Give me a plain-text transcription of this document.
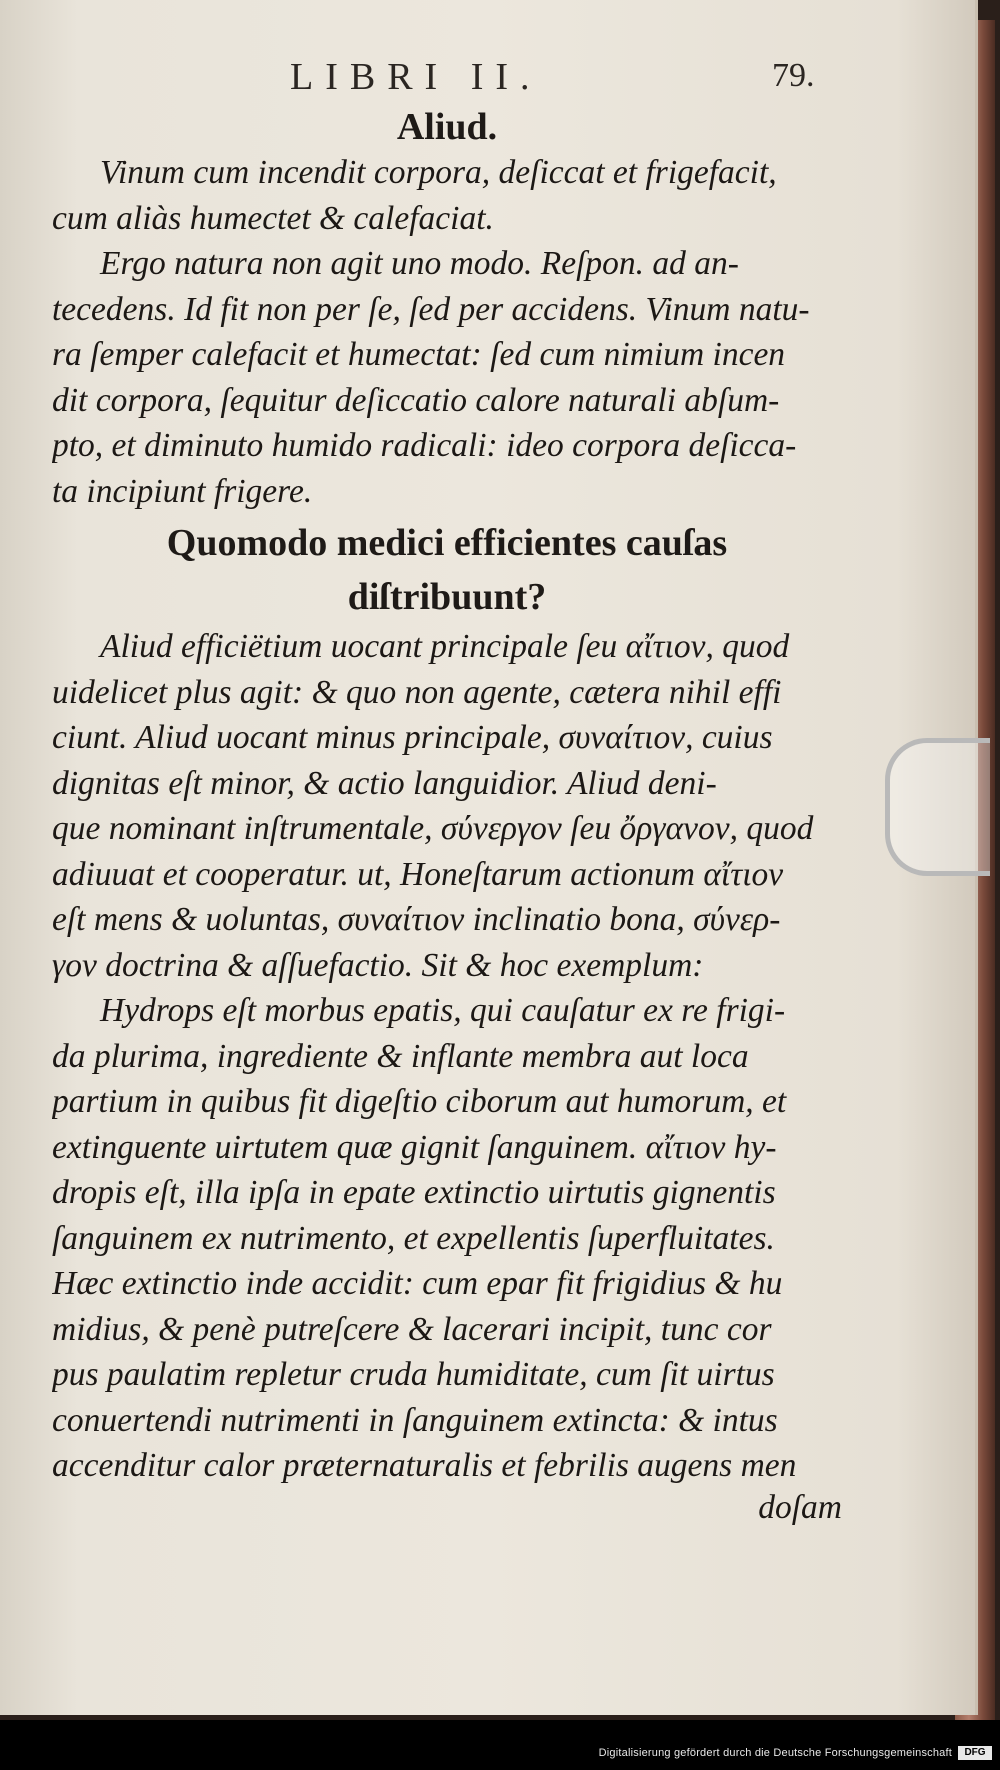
LIBRI II.	79.
Aliud.

Vinum cum incendit corpora, deſiccat et frigefacit,
cum aliàs humectet & calefaciat.

Ergo natura non agit uno modo. Reſpon. ad an-
tecedens. Id fit non per ſe, ſed per accidens. Vinum natu-
ra ſemper calefacit et humectat: ſed cum nimium incen
dit corpora, ſequitur deſiccatio calore naturali abſum-
pto, et diminuto humido radicali: ideo corpora deſicca-
ta incipiunt frigere.

Quomodo medici efficientes cauſas
diſtribuunt?

Aliud efficiëtium uocant principale ſeu αἴτιον, quod
uidelicet plus agit: & quo non agente, cætera nihil effi
ciunt. Aliud uocant minus principale, συναίτιον, cuius
dignitas eſt minor, & actio languidior. Aliud deni-
que nominant inſtrumentale, σύνεργον ſeu ὄργανον, quod
adiuuat et cooperatur. ut, Honeſtarum actionum αἴτιον
eſt mens & uoluntas, συναίτιον inclinatio bona, σύνερ-
γον doctrina & aſſuefactio. Sit & hoc exemplum:

Hydrops eſt morbus epatis, qui cauſatur ex re frigi-
da plurima, ingrediente & inflante membra aut loca
partium in quibus fit digeſtio ciborum aut humorum, et
extinguente uirtutem quæ gignit ſanguinem. αἴτιον hy-
dropis eſt, illa ipſa in epate extinctio uirtutis gignentis
ſanguinem ex nutrimento, et expellentis ſuperfluitates.
Hæc extinctio inde accidit: cum epar fit frigidius & hu
midius, & penè putreſcere & lacerari incipit, tunc cor
pus paulatim repletur cruda humiditate, cum ſit uirtus
conuertendi nutrimenti in ſanguinem extincta: & intus
accenditur calor præternaturalis et febrilis augens men

doſam

Digitalisierung gefördert durch die Deutsche Forschungsgemeinschaft	DFG
